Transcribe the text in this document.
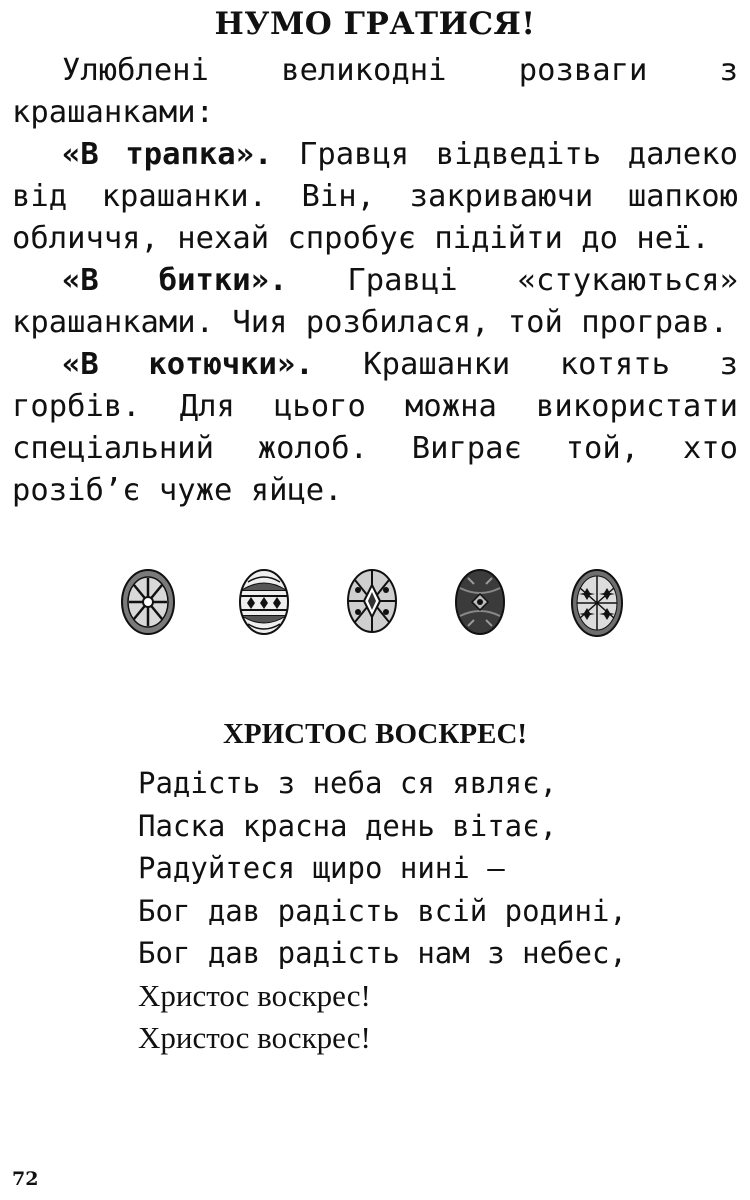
НУМО ГРАТИСЯ!

Улюблені великодні розваги з крашанками:

«В трапка». Гравця відведіть далеко від крашанки. Він, закриваючи шапкою обличчя, нехай спробує підійти до неї.

«В битки». Гравці «стукаються» крашанками. Чия розбилася, той програв.

«В котючки». Крашанки котять з горбів. Для цього можна використати спеціальний жолоб. Виграє той, хто розіб’є чуже яйце.

ХРИСТОС ВОСКРЕС!
Радість з неба ся являє,
Паска красна день вітає,
Радуйтеся щиро нині —
Бог дав радість всій родині,
Бог дав радість нам з небес,
Христос воскрес!
Христос воскрес!
72
